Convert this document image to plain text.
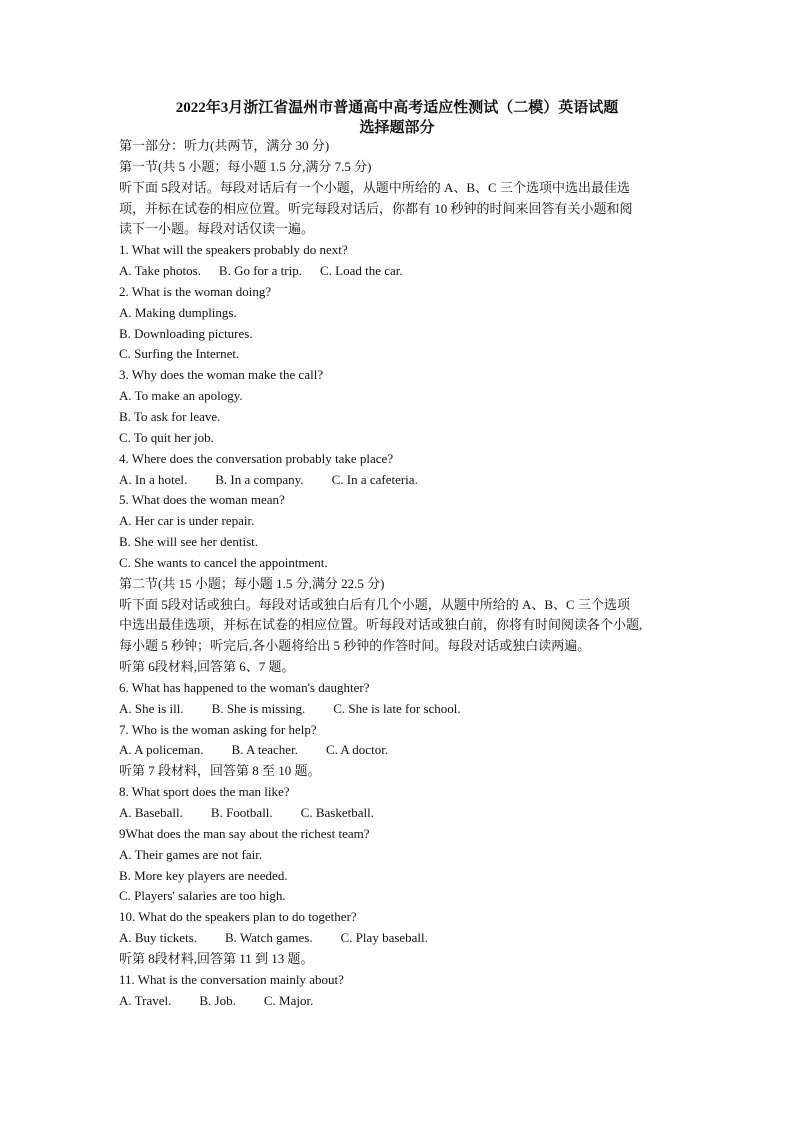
2022年3月浙江省温州市普通高中高考适应性测试（二模）英语试题
选择题部分
第一部分：听力(共两节，满分 30 分)
第一节(共 5 小题；每小题 1.5 分,满分 7.5 分)
听下面 5段对话。每段对话后有一个小题，从题中所给的 A、B、C 三个选项中选出最佳选
项，并标在试卷的相应位置。听完每段对话后，你都有 10 秒钟的时间来回答有关小题和阅
读下一小题。每段对话仅读一遍。
1. What will the speakers probably do next?
A. Take photos. B. Go for a trip. C. Load the car.
2. What is the woman doing?
A. Making dumplings.
B. Downloading pictures.
C. Surfing the Internet.
3. Why does the woman make the call?
A. To make an apology.
B. To ask for leave.
C. To quit her job.
4. Where does the conversation probably take place?
A. In a hotel. B. In a company. C. In a cafeteria.
5. What does the woman mean?
A. Her car is under repair.
B. She will see her dentist.
C. She wants to cancel the appointment.
第二节(共 15 小题；每小题 1.5 分,满分 22.5 分)
听下面 5段对话或独白。每段对话或独白后有几个小题，从题中所给的 A、B、C 三个选项
中选出最佳选项，并标在试卷的相应位置。听每段对话或独白前，你将有时间阅读各个小题,
每小题 5 秒钟；听完后,各小题将给出 5 秒钟的作答时间。每段对话或独白读两遍。
听第 6段材料,回答第 6、7 题。
6. What has happened to the woman's daughter?
A. She is ill. B. She is missing. C. She is late for school.
7. Who is the woman asking for help?
A. A policeman. B. A teacher. C. A doctor.
听第 7 段材料，回答第 8 至 10 题。
8. What sport does the man like?
A. Baseball. B. Football. C. Basketball.
9What does the man say about the richest team?
A. Their games are not fair.
B. More key players are needed.
C. Players' salaries are too high.
10. What do the speakers plan to do together?
A. Buy tickets. B. Watch games. C. Play baseball.
听第 8段材料,回答第 11 到 13 题。
11. What is the conversation mainly about?
A. Travel. B. Job. C. Major.
